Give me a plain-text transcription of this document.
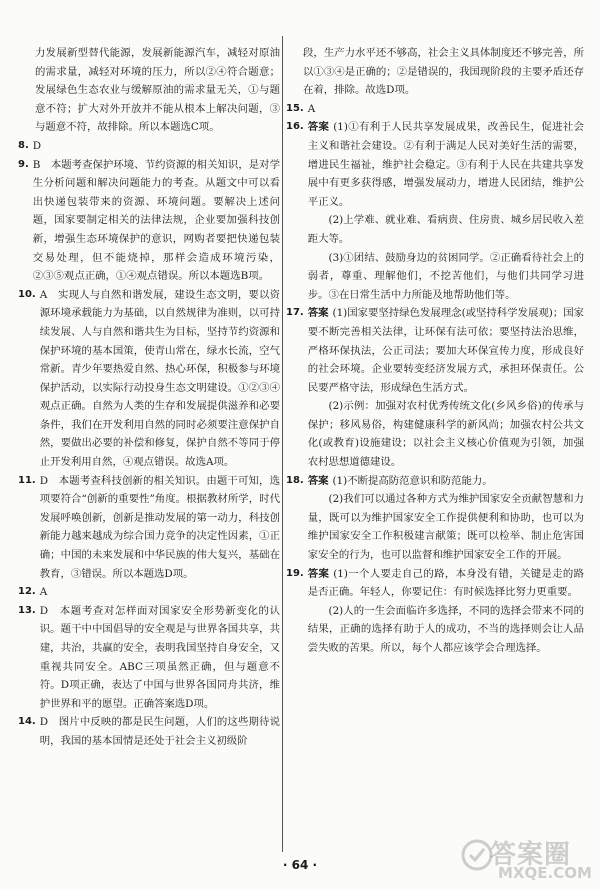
力发展新型替代能源，发展新能源汽车，减轻对原油的需求量，减轻对环境的压力，所以②④符合题意；发展绿色生态农业与缓解原油的需求量无关，①与题意不符；扩大对外开放并不能从根本上解决问题，③与题意不符，故排除。所以本题选C项。

8. D
9. B　本题考查保护环境、节约资源的相关知识，是对学生分析问题和解决问题能力的考查。从题文中可以看出快递包装带来的资源、环境问题。要解决上述问题，国家要制定相关的法律法规，企业要加强科技创新，增强生态环境保护的意识，网购者要把快递包装交易处理，但不能烧掉，那样会造成环境污染，②③⑤观点正确，①④观点错误。所以本题选B项。
10. A　实现人与自然和谐发展，建设生态文明，要以资源环境承载能力为基础，以自然规律为准则，以可持续发展、人与自然和谐共生为目标，坚持节约资源和保护环境的基本国策，使青山常在，绿水长流，空气常新。青少年要热爱自然、热心环保，积极参与环境保护活动，以实际行动投身生态文明建设。①②③④观点正确。自然为人类的生存和发展提供滋养和必要条件，我们在开发利用自然的同时必须要注意保护自然，要做出必要的补偿和修复，保护自然不等同于停止开发利用自然，④观点错误。故选A项。
11. D　本题考查科技创新的相关知识。由题干可知，选项要符合“创新的重要性”角度。根据教材所学，时代发展呼唤创新，创新是推动发展的第一动力，科技创新能力越来越成为综合国力竞争的决定性因素，①正确；中国的未来发展和中华民族的伟大复兴，基础在教育，③错误。所以本题选D项。
12. A
13. D　本题考查对怎样面对国家安全形势新变化的认识。题干中中国倡导的安全观是与世界各国共享，共建，共治，共赢的安全，表明我国坚持自身安全，又重视共同安全。ABC三项虽然正确，但与题意不符。D项正确，表达了中国与世界各国同舟共济，维护世界和平的愿望。正确答案选D项。
14. D　图片中反映的都是民生问题，人们的这些期待说明，我国的基本国情是还处于社会主义初级阶

段，生产力水平还不够高，社会主义具体制度还不够完善，所以①③④是正确的；②是错误的，我国现阶段的主要矛盾还存在着，排除。故选D项。

15. A
16. 答案 (1)①有利于人民共享发展成果，改善民生，促进社会主义和谐社会建设。②有利于满足人民对美好生活的需要，增进民生福祉，维护社会稳定。③有利于人民在共建共享发展中有更多获得感，增强发展动力，增进人民团结，维护公平正义。
(2)上学难、就业难、看病贵、住房贵、城乡居民收入差距大等。
(3)①团结、鼓励身边的贫困同学。②正确看待社会上的弱者，尊重、理解他们，不挖苦他们，与他们共同学习进步。③在日常生活中力所能及地帮助他们等。
17. 答案 (1)国家要坚持绿色发展理念(或坚持科学发展观)；国家要不断完善相关法律，让环保有法可依；要坚持法治思维，严格环保执法，公正司法；要加大环保宣传力度，形成良好的社会环境。企业要转变经济发展方式，承担环保责任。公民要严格守法，形成绿色生活方式。
(2)示例：加强对农村优秀传统文化(乡风乡俗)的传承与保护；移风易俗，构建健康科学的新风尚；加强农村公共文化(或教育)设施建设；以社会主义核心价值观为引领，加强农村思想道德建设。
18. 答案 (1)不断提高防范意识和防范能力。
(2)我们可以通过各种方式为维护国家安全贡献智慧和力量，既可以为维护国家安全工作提供便利和协助，也可以为维护国家安全工作积极建言献策；既可以检举、制止危害国家安全的行为，也可以监督和维护国家安全工作的开展。
19. 答案 (1)一个人要走自己的路，本身没有错，关键是走的路是否正确。年轻人，你要记住：有时候选择比努力更重要。
(2)人的一生会面临许多选择，不同的选择会带来不同的结果，正确的选择有助于人的成功，不当的选择则会让人品尝失败的苦果。所以，每个人都应该学会合理选择。
· 64 ·	答案圈
MXQE.COM
